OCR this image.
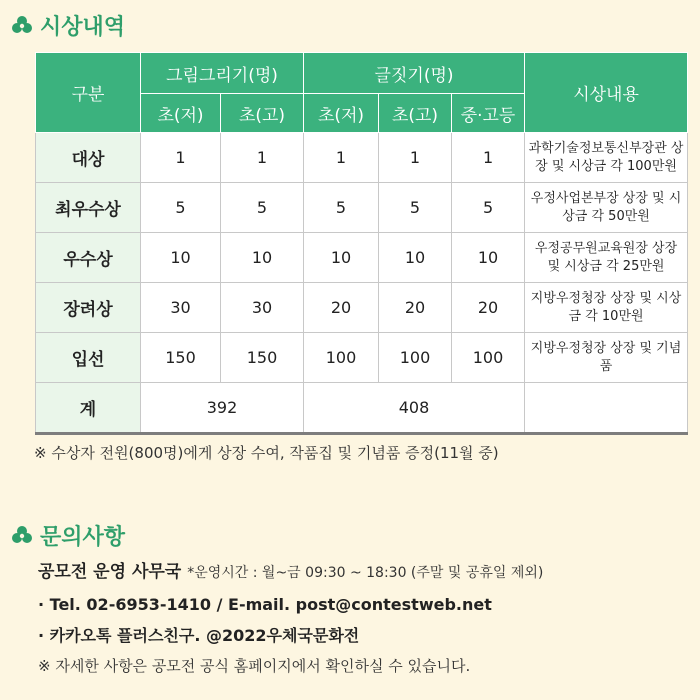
시상내역
구분	그림그리기(명)		글짓기(명)			시상내용
	초(저)	초(고)	초(저)	초(고)	중·고등	
대상	1	1	1	1	1	과학기술정보통신부장관 상장 및 시상금 각 100만원
최우수상	5	5	5	5	5	우정사업본부장 상장 및 시상금 각 50만원
우수상	10	10	10	10	10	우정공무원교육원장 상장 및 시상금 각 25만원
장려상	30	30	20	20	20	지방우정청장 상장 및 시상금 각 10만원
입선	150	150	100	100	100	지방우정청장 상장 및 기념품
계	392		408			
※ 수상자 전원(800명)에게 상장 수여, 작품집 및 기념품 증정(11월 중)
문의사항
공모전 운영 사무국 *운영시간 : 월~금 09:30 ~ 18:30 (주말 및 공휴일 제외)
· Tel. 02-6953-1410 / E-mail. post@contestweb.net
· 카카오톡 플러스친구. @2022우체국문화전
※ 자세한 사항은 공모전 공식 홈페이지에서 확인하실 수 있습니다.
